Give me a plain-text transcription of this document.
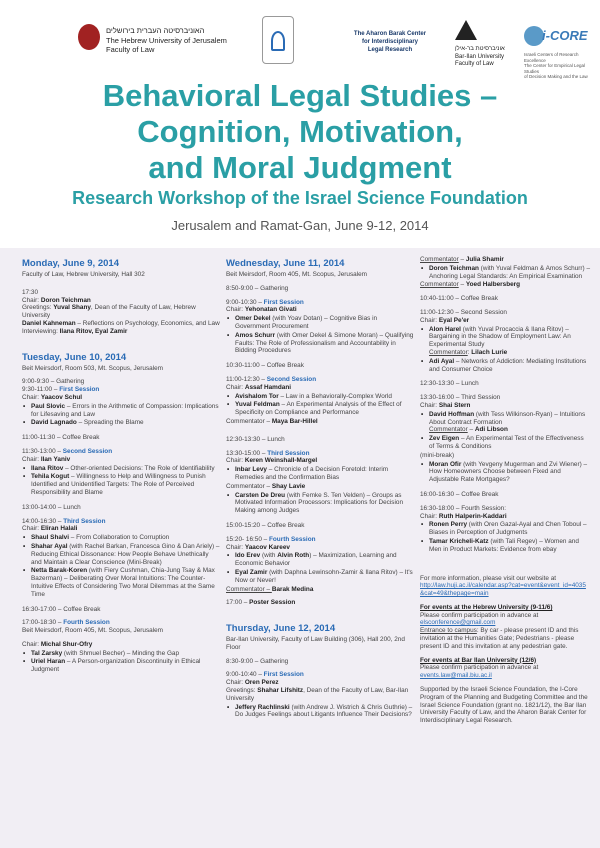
האוניברסיטה העברית בירושלים
The Hebrew University of Jerusalem
Faculty of Law
The Aharon Barak Center
for Interdisciplinary
Legal Research	אוניברסיטת בר-אילן
Bar-Ilan University
Faculty of Law
i-CORE
Israeli Centers of Research Excellence
The Center for Empirical Legal Studies
of Decision Making and the Law
Behavioral Legal Studies –
Cognition, Motivation,
and Moral Judgment
Research Workshop of the Israel Science Foundation
Jerusalem and Ramat-Gan, June 9-12, 2014
Monday, June 9, 2014
Faculty of Law, Hebrew University, Hall 302
17:30
Chair: Doron Teichman
Greetings: Yuval Shany, Dean of the Faculty of Law, Hebrew University
Daniel Kahneman – Reflections on Psychology, Economics, and Law
Interviewing: Ilana Ritov, Eyal Zamir
Tuesday, June 10, 2014
Beit Meirsdorf, Room 503, Mt. Scopus, Jerusalem
9:00-9:30 – Gathering
9:30-11:00 – First Session
Chair: Yaacov Schul
• Paul Slovic – Errors in the Arithmetic of Compassion: Implications for Lifesaving and Law
• David Lagnado – Spreading the Blame
11:00-11:30 – Coffee Break
11:30-13:00 – Second Session
Chair: Ilan Yaniv
• Ilana Ritov – Other-oriented Decisions: The Role of Identifiability
• Tehila Kogut – Willingness to Help and Willingness to Punish Identified and Unidentified Targets: The Role of Perceived Responsibility and Blame
13:00-14:00 – Lunch
14:00-16:30 – Third Session
Chair: Eliran Halali
• Shaul Shalvi – From Collaboration to Corruption
• Shahar Ayal (with Rachel Barkan, Francesca Gino & Dan Ariely) – Reducing Ethical Dissonance: How People Behave Unethically and Maintain a Clear Conscience (Mini-Break)
• Netta Barak-Koren (with Fiery Cushman, Chia-Jung Tsay & Max Bazerman) – Deliberating Over Moral Intuitions: The Counter-Intuitive Effects of Considering Two Moral Dilemmas at the Same Time
16:30-17:00 – Coffee Break
17:00-18:30 – Fourth Session
Beit Meirsdorf, Room 405, Mt. Scopus, Jerusalem
Chair: Michal Shur-Ofry
• Tal Zarsky (with Shmuel Becher) – Minding the Gap
• Uriel Haran – A Person-organization Discontinuity in Ethical Judgment
Wednesday, June 11, 2014
Beit Meirsdorf, Room 405, Mt. Scopus, Jerusalem
8:50-9:00 – Gathering
9:00-10:30 – First Session
Chair: Yehonatan Givati
• Omer Dekel (with Yoav Dotan) – Cognitive Bias in Government Procurement
• Amos Schurr (with Omer Dekel & Simone Moran) – Qualifying Faults: The Role of Professionalism and Accountability in Bidding Procedures
10:30-11:00 – Coffee Break
11:00-12:30 – Second Session
Chair: Assaf Hamdani
• Avishalom Tor – Law in a Behaviorally-Complex World
• Yuval Feldman – An Experimental Analysis of the Effect of Specificity on Compliance and Performance
Commentator – Maya Bar-Hillel
12:30-13:30 – Lunch
13:30-15:00 – Third Session
Chair: Keren Weinshall-Margel
• Inbar Levy – Chronicle of a Decision Foretold: Interim Remedies and the Confirmation Bias
Commentator – Shay Lavie
• Carsten De Dreu (with Femke S. Ten Velden) – Groups as Motivated Information Processors: Implications for Decision Making among Judges
15:00-15:20 – Coffee Break
15:20- 16:50 – Fourth Session
Chair: Yaacov Kareev
• Ido Erev (with Alvin Roth) – Maximization, Learning and Economic Behavior
• Eyal Zamir (with Daphna Lewinsohn-Zamir & Ilana Ritov) – It's Now or Never!
Commentator – Barak Medina
17:00 – Poster Session
Thursday, June 12, 2014
Bar-Ilan University, Faculty of Law Building (306), Hall 200, 2nd Floor
8:30-9:00 – Gathering
9:00-10:40 – First Session
Chair: Oren Perez
Greetings: Shahar Lifshitz, Dean of the Faculty of Law, Bar-Ilan University
• Jeffery Rachlinski (with Andrew J. Wistrich & Chris Guthrie) – Do Judges Feelings about Litigants Influence Their Decisions?
Commentator – Julia Shamir
• Doron Teichman (with Yuval Feldman & Amos Schurr) – Anchoring Legal Standards: An Empirical Examination
Commentator – Yoed Halbersberg
10:40-11:00 – Coffee Break
11:00-12:30 – Second Session
Chair: Eyal Pe'er
• Alon Harel (with Yuval Procaccia & Ilana Ritov) – Bargaining in the Shadow of Employment Law: An Experimental Study
Commentator: Lilach Lurie
• Adi Ayal – Networks of Addiction: Mediating Institutions and Consumer Choice
12:30-13:30 – Lunch
13:30-16:00 – Third Session
Chair: Shai Stern
• David Hoffman (with Tess Wilkinson-Ryan) – Intuitions About Contract Formation
Commentator – Adi Libson
• Zev Eigen – An Experimental Test of the Effectiveness of Terms & Conditions
(mini-break)
• Moran Ofir (with Yevgeny Mugerman and Zvi Wiener) – How Homeowners Choose between Fixed and Adjustable Rate Mortgages?
16:00-16:30 – Coffee Break
16:30-18:00 – Fourth Session:
Chair: Ruth Halperin-Kaddari
• Ronen Perry (with Oren Gazal-Ayal and Chen Toboul – Biases in Perception of Judgments
• Tamar Kricheli-Katz (with Tali Regev) – Women and Men in Product Markets: Evidence from ebay
For more information, please visit our website at
http://law.huji.ac.il/calendar.asp?cat=event&event_id=4035&cat=49&thepage=main
For events at the Hebrew University (9-11/6)
Please confirm participation in advance at
elsconference@gmail.com
Entrance to campus: By car - please present ID and this invitation at the Humanities Gate; Pedestrians - please present ID and this invitation at any pedestrian gate.
For events at Bar Ilan University (12/6)
Please confirm participation in advance at
events.law@mail.biu.ac.il
Supported by the Israeli Science Foundation, the I-Core Program of the Planning and Budgeting Committee and the Israel Science Foundation (grant no. 1821/12), the Bar Ilan University Faculty of Law, and the Aharon Barak Center for Interdisciplinary Legal Research.
